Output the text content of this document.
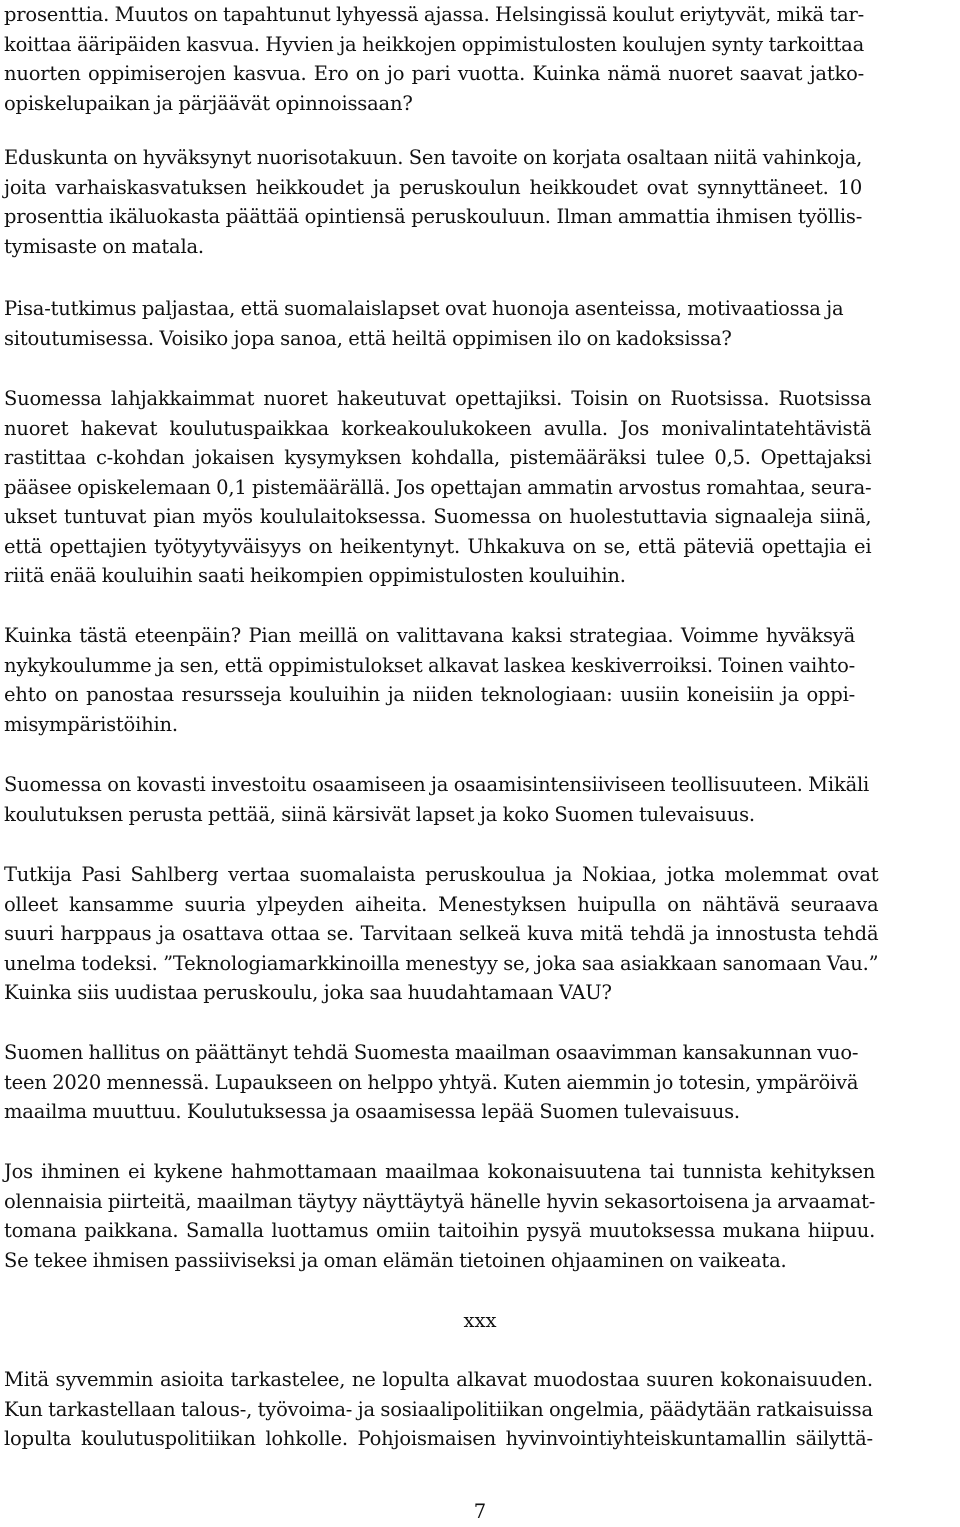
prosenttia. Muutos on tapahtunut lyhyessä ajassa. Helsingissä koulut eriytyvät, mikä tar-
koittaa ääripäiden kasvua. Hyvien ja heikkojen oppimistulosten koulujen synty tarkoittaa
nuorten oppimiserojen kasvua. Ero on jo pari vuotta. Kuinka nämä nuoret saavat jatko-
opiskelupaikan ja pärjäävät opinnoissaan?
Eduskunta on hyväksynyt nuorisotakuun. Sen tavoite on korjata osaltaan niitä vahinkoja,
joita varhaiskasvatuksen heikkoudet ja peruskoulun heikkoudet ovat synnyttäneet. 10
prosenttia ikäluokasta päättää opintiensä peruskouluun. Ilman ammattia ihmisen työllis-
tymisaste on matala.
Pisa-tutkimus paljastaa, että suomalaislapset ovat huonoja asenteissa, motivaatiossa ja
sitoutumisessa. Voisiko jopa sanoa, että heiltä oppimisen ilo on kadoksissa?
Suomessa lahjakkaimmat nuoret hakeutuvat opettajiksi. Toisin on Ruotsissa. Ruotsissa
nuoret hakevat koulutuspaikkaa korkeakoulukokeen avulla. Jos monivalintatehtävistä
rastittaa c-kohdan jokaisen kysymyksen kohdalla, pistemääräksi tulee 0,5. Opettajaksi
pääsee opiskelemaan 0,1 pistemäärällä. Jos opettajan ammatin arvostus romahtaa, seura-
ukset tuntuvat pian myös koululaitoksessa. Suomessa on huolestuttavia signaaleja siinä,
että opettajien työtyytyväisyys on heikentynyt. Uhkakuva on se, että päteviä opettajia ei
riitä enää kouluihin saati heikompien oppimistulosten kouluihin.
Kuinka tästä eteenpäin? Pian meillä on valittavana kaksi strategiaa. Voimme hyväksyä
nykykoulumme ja sen, että oppimistulokset alkavat laskea keskiverroiksi. Toinen vaihto-
ehto on panostaa resursseja kouluihin ja niiden teknologiaan: uusiin koneisiin ja oppi-
misympäristöihin.
Suomessa on kovasti investoitu osaamiseen ja osaamisintensiiviseen teollisuuteen. Mikäli
koulutuksen perusta pettää, siinä kärsivät lapset ja koko Suomen tulevaisuus.
Tutkija Pasi Sahlberg vertaa suomalaista peruskoulua ja Nokiaa, jotka molemmat ovat
olleet kansamme suuria ylpeyden aiheita. Menestyksen huipulla on nähtävä seuraava
suuri harppaus ja osattava ottaa se. Tarvitaan selkeä kuva mitä tehdä ja innostusta tehdä
unelma todeksi. ”Teknologiamarkkinoilla menestyy se, joka saa asiakkaan sanomaan Vau.”
Kuinka siis uudistaa peruskoulu, joka saa huudahtamaan VAU?
Suomen hallitus on päättänyt tehdä Suomesta maailman osaavimman kansakunnan vuo-
teen 2020 mennessä. Lupaukseen on helppo yhtyä. Kuten aiemmin jo totesin, ympäröivä
maailma muuttuu. Koulutuksessa ja osaamisessa lepää Suomen tulevaisuus.
Jos ihminen ei kykene hahmottamaan maailmaa kokonaisuutena tai tunnista kehityksen
olennaisia piirteitä, maailman täytyy näyttäytyä hänelle hyvin sekasortoisena ja arvaamat-
tomana paikkana. Samalla luottamus omiin taitoihin pysyä muutoksessa mukana hiipuu.
Se tekee ihmisen passiiviseksi ja oman elämän tietoinen ohjaaminen on vaikeata.
xxx
Mitä syvemmin asioita tarkastelee, ne lopulta alkavat muodostaa suuren kokonaisuuden.
Kun tarkastellaan talous-, työvoima- ja sosiaalipolitiikan ongelmia, päädytään ratkaisuissa
lopulta koulutuspolitiikan lohkolle. Pohjoismaisen hyvinvointiyhteiskuntamallin säilyttä-
7
